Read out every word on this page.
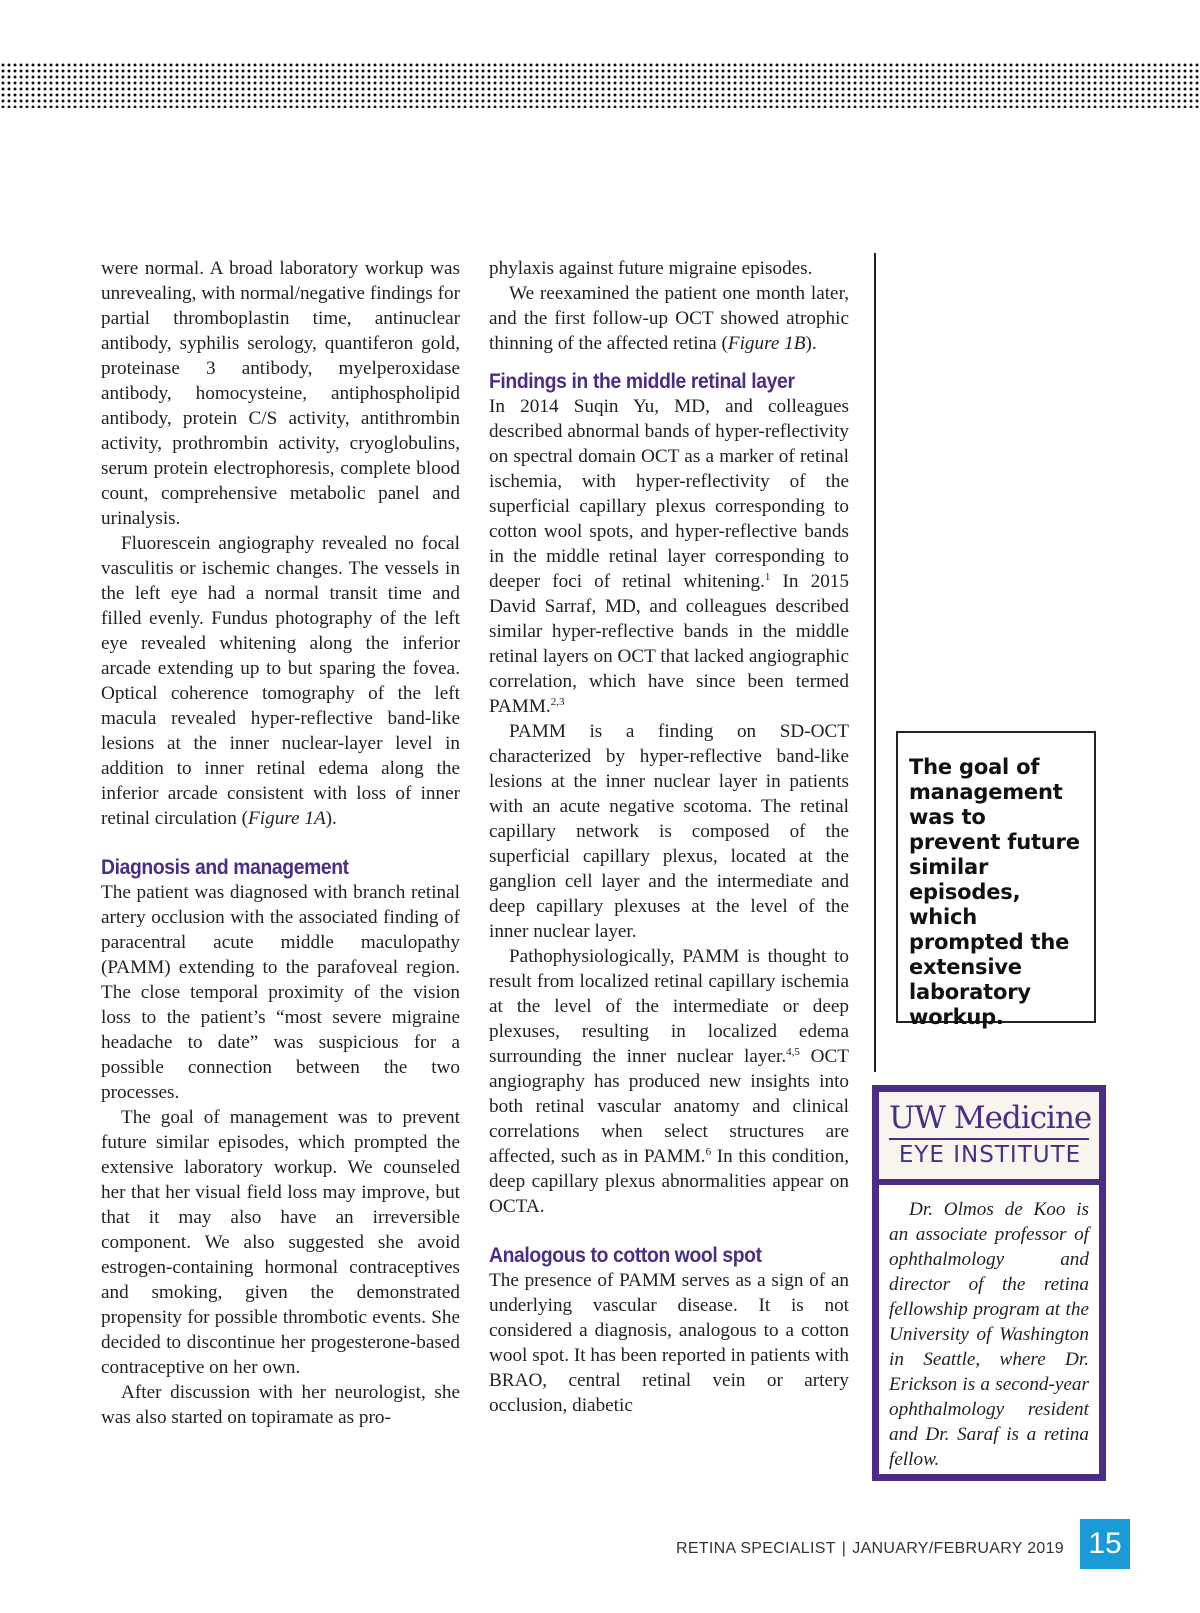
were normal. A broad laboratory workup was unrevealing, with normal/negative findings for partial thromboplastin time, antinuclear antibody, syphilis serology, quantiferon gold, proteinase 3 antibody, myelperoxidase antibody, homocysteine, antiphospholipid antibody, protein C/S activity, antithrombin activity, prothrombin activity, cryoglobulins, serum protein electrophoresis, complete blood count, comprehensive metabolic panel and urinalysis.

Fluorescein angiography revealed no focal vasculitis or ischemic changes. The vessels in the left eye had a normal transit time and filled evenly. Fundus photography of the left eye revealed whitening along the inferior arcade extending up to but sparing the fovea. Optical coherence tomography of the left macula revealed hyper-reflective band-like lesions at the inner nuclear-layer level in addition to inner retinal edema along the inferior arcade consistent with loss of inner retinal circulation (Figure 1A).

Diagnosis and management

The patient was diagnosed with branch retinal artery occlusion with the associated finding of paracentral acute middle maculopathy (PAMM) extending to the parafoveal region. The close temporal proximity of the vision loss to the patient’s “most severe migraine headache to date” was suspicious for a possible connection between the two processes.

The goal of management was to prevent future similar episodes, which prompted the extensive laboratory workup. We counseled her that her visual field loss may improve, but that it may also have an irreversible component. We also suggested she avoid estrogen-containing hormonal contraceptives and smoking, given the demonstrated propensity for possible thrombotic events. She decided to discontinue her progesterone-based contraceptive on her own.

After discussion with her neurologist, she was also started on topiramate as pro-

phylaxis against future migraine episodes.

We reexamined the patient one month later, and the first follow-up OCT showed atrophic thinning of the affected retina (Figure 1B).

Findings in the middle retinal layer

In 2014 Suqin Yu, MD, and colleagues described abnormal bands of hyper-reflectivity on spectral domain OCT as a marker of retinal ischemia, with hyper-reflectivity of the superficial capillary plexus corresponding to cotton wool spots, and hyper-reflective bands in the middle retinal layer corresponding to deeper foci of retinal whitening.$^1$ In 2015 David Sarraf, MD, and colleagues described similar hyper-reflective bands in the middle retinal layers on OCT that lacked angiographic correlation, which have since been termed PAMM.$^{2,3}$

PAMM is a finding on SD-OCT characterized by hyper-reflective band-like lesions at the inner nuclear layer in patients with an acute negative scotoma. The retinal capillary network is composed of the superficial capillary plexus, located at the ganglion cell layer and the intermediate and deep capillary plexuses at the level of the inner nuclear layer.

Pathophysiologically, PAMM is thought to result from localized retinal capillary ischemia at the level of the intermediate or deep plexuses, resulting in localized edema surrounding the inner nuclear layer.$^{4,5}$ OCT angiography has produced new insights into both retinal vascular anatomy and clinical correlations when select structures are affected, such as in PAMM.$^6$ In this condition, deep capillary plexus abnormalities appear on OCTA.

Analogous to cotton wool spot

The presence of PAMM serves as a sign of an underlying vascular disease. It is not considered a diagnosis, analogous to a cotton wool spot. It has been reported in patients with BRAO, central retinal vein or artery occlusion, diabetic

The goal of management was to prevent future similar episodes, which prompted the extensive laboratory workup.
UW Medicine
EYE INSTITUTE

Dr. Olmos de Koo is an associate professor of ophthalmology and director of the retina fellowship program at the University of Washington in Seattle, where Dr. Erickson is a second-year ophthalmology resident and Dr. Saraf is a retina fellow.

RETINA SPECIALIST | JANUARY/FEBRUARY 2019 15
